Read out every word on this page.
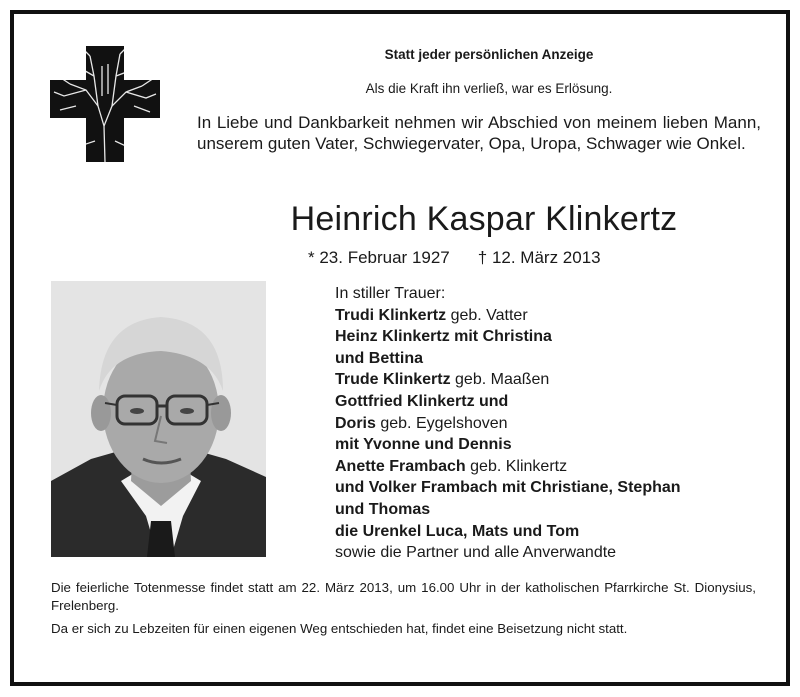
Statt jeder persönlichen Anzeige
Als die Kraft ihn verließ, war es Erlösung.
In Liebe und Dankbarkeit nehmen wir Abschied von meinem lieben Mann, unserem guten Vater, Schwiegervater, Opa, Uropa, Schwager wie Onkel.
Heinrich Kaspar Klinkertz
* 23. Februar 1927 † 12. März 2013
In stiller Trauer:
Trudi Klinkertz geb. Vatter
Heinz Klinkertz mit Christina
und Bettina
Trude Klinkertz geb. Maaßen
Gottfried Klinkertz und
Doris geb. Eygelshoven
mit Yvonne und Dennis
Anette Frambach geb. Klinkertz
und Volker Frambach mit Christiane, Stephan
und Thomas
die Urenkel Luca, Mats und Tom
sowie die Partner und alle Anverwandte
Die feierliche Totenmesse findet statt am 22. März 2013, um 16.00 Uhr in der katholischen Pfarrkirche St. Dionysius, Frelenberg.
Da er sich zu Lebzeiten für einen eigenen Weg entschieden hat, findet eine Beisetzung nicht statt.
